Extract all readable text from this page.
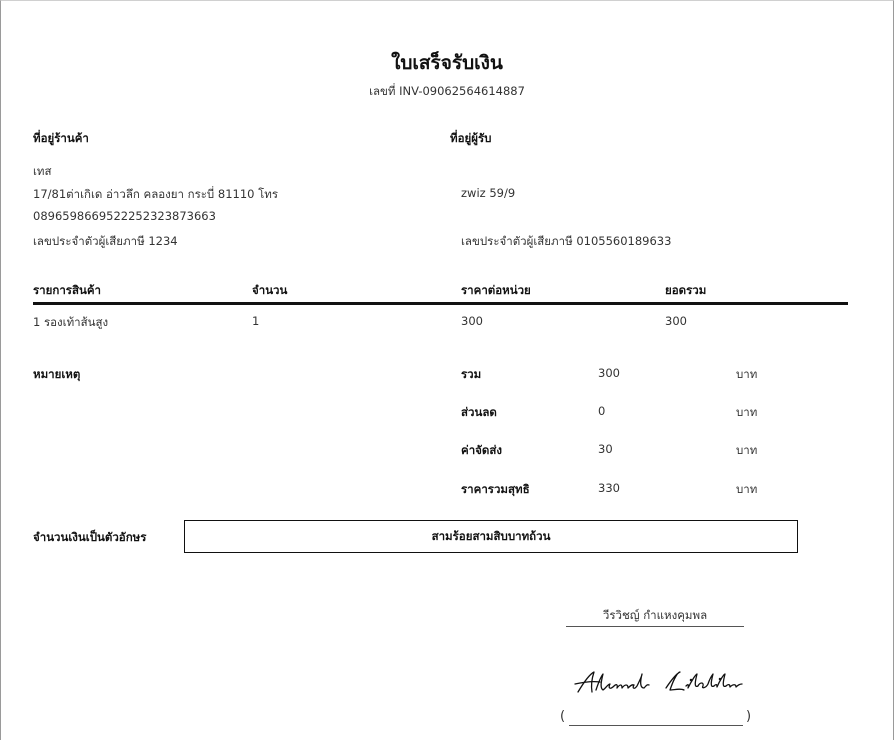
ใบเสร็จรับเงิน
เลขที่ INV-09062564614887
ที่อยู่ร้านค้า
เทส
17/81ต่าเกิเด อ่าวลึก คลองยา กระบี่ 81110 โทร
0896598669522252323873663
เลขประจำตัวผู้เสียภาษี 1234
ที่อยู่ผู้รับ
zwiz 59/9
เลขประจำตัวผู้เสียภาษี 0105560189633
รายการสินค้า	จำนวน	ราคาต่อหน่วย	ยอดรวม
1 รองเท้าส้นสูง	1	300	300
หมายเหตุ	รวม	300	บาท
ส่วนลด	0	บาท
ค่าจัดส่ง	30	บาท
ราคารวมสุทธิ	330	บาท
จำนวนเงินเป็นตัวอักษร	สามร้อยสามสิบบาทถ้วน
วีรวิชญ์ กำแหงคุมพล
(	)
